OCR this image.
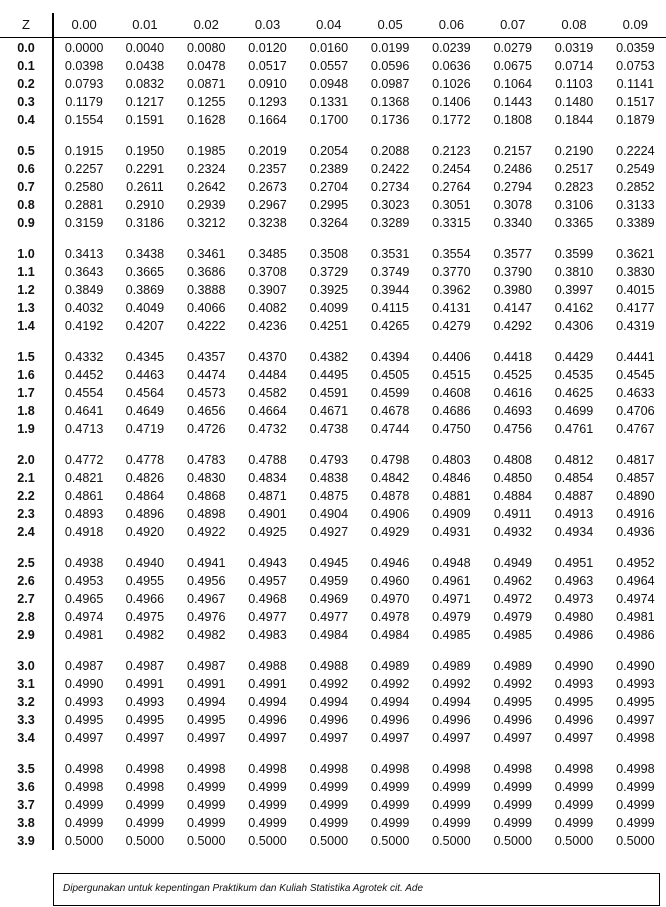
Z	0.00	0.01	0.02	0.03	0.04	0.05	0.06	0.07	0.08	0.09
0.0	0.0000	0.0040	0.0080	0.0120	0.0160	0.0199	0.0239	0.0279	0.0319	0.0359
0.1	0.0398	0.0438	0.0478	0.0517	0.0557	0.0596	0.0636	0.0675	0.0714	0.0753
0.2	0.0793	0.0832	0.0871	0.0910	0.0948	0.0987	0.1026	0.1064	0.1103	0.1141
0.3	0.1179	0.1217	0.1255	0.1293	0.1331	0.1368	0.1406	0.1443	0.1480	0.1517
0.4	0.1554	0.1591	0.1628	0.1664	0.1700	0.1736	0.1772	0.1808	0.1844	0.1879

0.5	0.1915	0.1950	0.1985	0.2019	0.2054	0.2088	0.2123	0.2157	0.2190	0.2224
0.6	0.2257	0.2291	0.2324	0.2357	0.2389	0.2422	0.2454	0.2486	0.2517	0.2549
0.7	0.2580	0.2611	0.2642	0.2673	0.2704	0.2734	0.2764	0.2794	0.2823	0.2852
0.8	0.2881	0.2910	0.2939	0.2967	0.2995	0.3023	0.3051	0.3078	0.3106	0.3133
0.9	0.3159	0.3186	0.3212	0.3238	0.3264	0.3289	0.3315	0.3340	0.3365	0.3389

1.0	0.3413	0.3438	0.3461	0.3485	0.3508	0.3531	0.3554	0.3577	0.3599	0.3621
1.1	0.3643	0.3665	0.3686	0.3708	0.3729	0.3749	0.3770	0.3790	0.3810	0.3830
1.2	0.3849	0.3869	0.3888	0.3907	0.3925	0.3944	0.3962	0.3980	0.3997	0.4015
1.3	0.4032	0.4049	0.4066	0.4082	0.4099	0.4115	0.4131	0.4147	0.4162	0.4177
1.4	0.4192	0.4207	0.4222	0.4236	0.4251	0.4265	0.4279	0.4292	0.4306	0.4319

1.5	0.4332	0.4345	0.4357	0.4370	0.4382	0.4394	0.4406	0.4418	0.4429	0.4441
1.6	0.4452	0.4463	0.4474	0.4484	0.4495	0.4505	0.4515	0.4525	0.4535	0.4545
1.7	0.4554	0.4564	0.4573	0.4582	0.4591	0.4599	0.4608	0.4616	0.4625	0.4633
1.8	0.4641	0.4649	0.4656	0.4664	0.4671	0.4678	0.4686	0.4693	0.4699	0.4706
1.9	0.4713	0.4719	0.4726	0.4732	0.4738	0.4744	0.4750	0.4756	0.4761	0.4767

2.0	0.4772	0.4778	0.4783	0.4788	0.4793	0.4798	0.4803	0.4808	0.4812	0.4817
2.1	0.4821	0.4826	0.4830	0.4834	0.4838	0.4842	0.4846	0.4850	0.4854	0.4857
2.2	0.4861	0.4864	0.4868	0.4871	0.4875	0.4878	0.4881	0.4884	0.4887	0.4890
2.3	0.4893	0.4896	0.4898	0.4901	0.4904	0.4906	0.4909	0.4911	0.4913	0.4916
2.4	0.4918	0.4920	0.4922	0.4925	0.4927	0.4929	0.4931	0.4932	0.4934	0.4936

2.5	0.4938	0.4940	0.4941	0.4943	0.4945	0.4946	0.4948	0.4949	0.4951	0.4952
2.6	0.4953	0.4955	0.4956	0.4957	0.4959	0.4960	0.4961	0.4962	0.4963	0.4964
2.7	0.4965	0.4966	0.4967	0.4968	0.4969	0.4970	0.4971	0.4972	0.4973	0.4974
2.8	0.4974	0.4975	0.4976	0.4977	0.4977	0.4978	0.4979	0.4979	0.4980	0.4981
2.9	0.4981	0.4982	0.4982	0.4983	0.4984	0.4984	0.4985	0.4985	0.4986	0.4986

3.0	0.4987	0.4987	0.4987	0.4988	0.4988	0.4989	0.4989	0.4989	0.4990	0.4990
3.1	0.4990	0.4991	0.4991	0.4991	0.4992	0.4992	0.4992	0.4992	0.4993	0.4993
3.2	0.4993	0.4993	0.4994	0.4994	0.4994	0.4994	0.4994	0.4995	0.4995	0.4995
3.3	0.4995	0.4995	0.4995	0.4996	0.4996	0.4996	0.4996	0.4996	0.4996	0.4997
3.4	0.4997	0.4997	0.4997	0.4997	0.4997	0.4997	0.4997	0.4997	0.4997	0.4998

3.5	0.4998	0.4998	0.4998	0.4998	0.4998	0.4998	0.4998	0.4998	0.4998	0.4998
3.6	0.4998	0.4998	0.4999	0.4999	0.4999	0.4999	0.4999	0.4999	0.4999	0.4999
3.7	0.4999	0.4999	0.4999	0.4999	0.4999	0.4999	0.4999	0.4999	0.4999	0.4999
3.8	0.4999	0.4999	0.4999	0.4999	0.4999	0.4999	0.4999	0.4999	0.4999	0.4999
3.9	0.5000	0.5000	0.5000	0.5000	0.5000	0.5000	0.5000	0.5000	0.5000	0.5000
Dipergunakan untuk kepentingan Praktikum dan Kuliah Statistika Agrotek cit. Ade
